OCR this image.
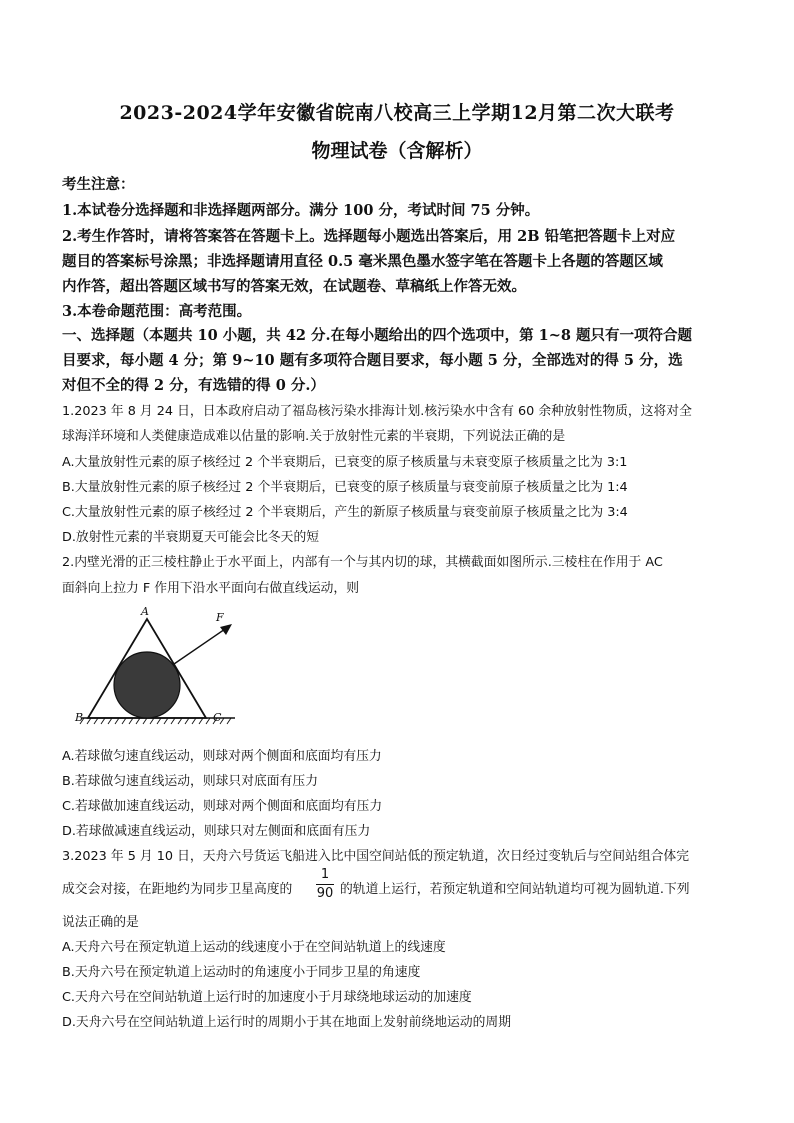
2023-2024学年安徽省皖南八校高三上学期12月第二次大联考
物理试卷（含解析）
考生注意：
1.本试卷分选择题和非选择题两部分。满分 100 分，考试时间 75 分钟。
2.考生作答时，请将答案答在答题卡上。选择题每小题选出答案后，用 2B 铅笔把答题卡上对应
题目的答案标号涂黑；非选择题请用直径 0.5 毫米黑色墨水签字笔在答题卡上各题的答题区域
内作答，超出答题区域书写的答案无效，在试题卷、草稿纸上作答无效。
3.本卷命题范围：高考范围。
一、选择题（本题共 10 小题，共 42 分.在每小题给出的四个选项中，第 1~8 题只有一项符合题
目要求，每小题 4 分；第 9~10 题有多项符合题目要求，每小题 5 分，全部选对的得 5 分，选
对但不全的得 2 分，有选错的得 0 分.）
1.2023 年 8 月 24 日，日本政府启动了福岛核污染水排海计划.核污染水中含有 60 余种放射性物质，这将对全
球海洋环境和人类健康造成难以估量的影响.关于放射性元素的半衰期，下列说法正确的是
A.大量放射性元素的原子核经过 2 个半衰期后，已衰变的原子核质量与未衰变原子核质量之比为 3:1
B.大量放射性元素的原子核经过 2 个半衰期后，已衰变的原子核质量与衰变前原子核质量之比为 1:4
C.大量放射性元素的原子核经过 2 个半衰期后，产生的新原子核质量与衰变前原子核质量之比为 3:4
D.放射性元素的半衰期夏天可能会比冬天的短
2.内壁光滑的正三棱柱静止于水平面上，内部有一个与其内切的球，其横截面如图所示.三棱柱在作用于 AC
面斜向上拉力 F 作用下沿水平面向右做直线运动，则
A
B	C
F
A.若球做匀速直线运动，则球对两个侧面和底面均有压力
B.若球做匀速直线运动，则球只对底面有压力
C.若球做加速直线运动，则球对两个侧面和底面均有压力
D.若球做减速直线运动，则球只对左侧面和底面有压力
3.2023 年 5 月 10 日，天舟六号货运飞船进入比中国空间站低的预定轨道，次日经过变轨后与空间站组合体完
成交会对接，在距地约为同步卫星高度的
1
90 的轨道上运行，若预定轨道和空间站轨道均可视为圆轨道.下列
说法正确的是
A.天舟六号在预定轨道上运动的线速度小于在空间站轨道上的线速度
B.天舟六号在预定轨道上运动时的角速度小于同步卫星的角速度
C.天舟六号在空间站轨道上运行时的加速度小于月球绕地球运动的加速度
D.天舟六号在空间站轨道上运行时的周期小于其在地面上发射前绕地运动的周期
